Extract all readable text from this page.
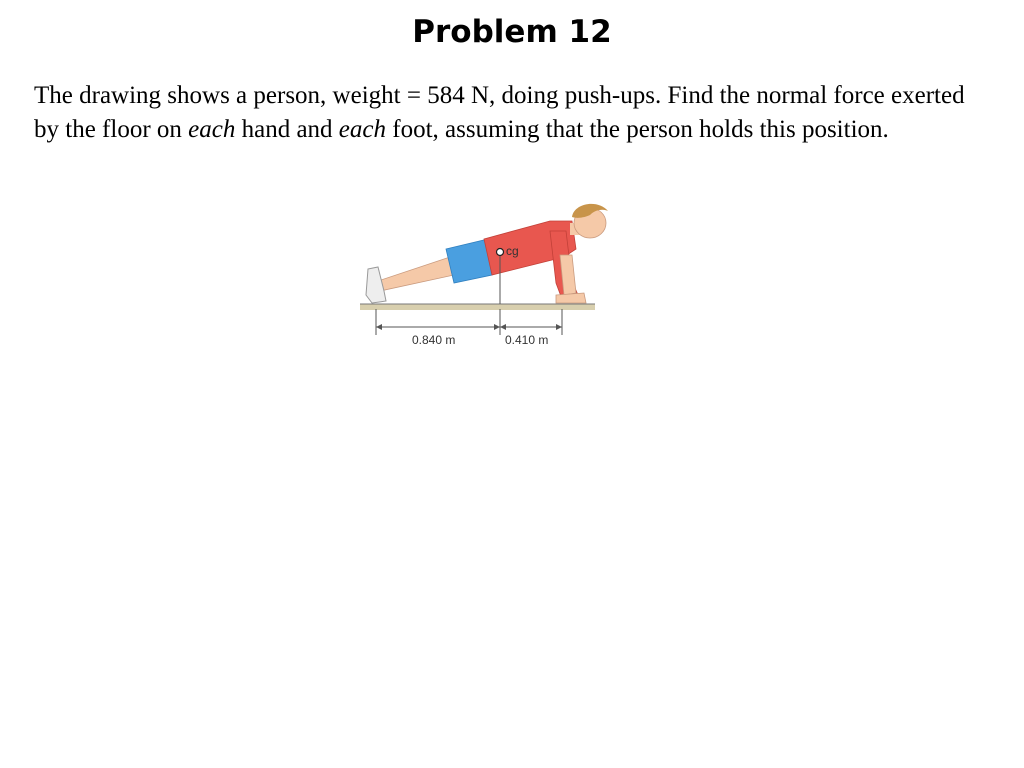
Problem 12

The drawing shows a person, weight = 584 N, doing push-ups. Find the normal force exerted by the floor on each hand and each foot, assuming that the person holds this position.

cg
0.840 m	0.410 m
